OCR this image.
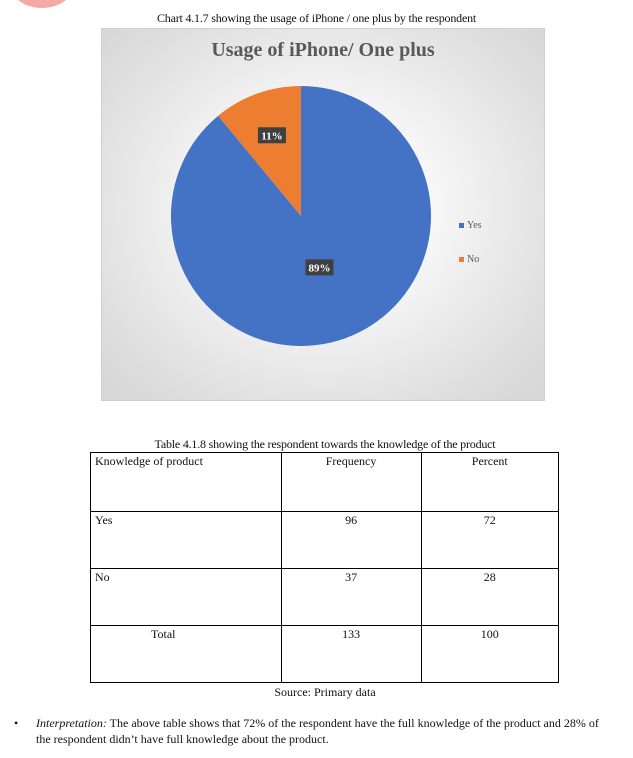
Chart 4.1.7 showing the usage of iPhone / one plus by the respondent
Usage of iPhone/ One plus
89%
11%
Yes
No
Table 4.1.8 showing the respondent towards the knowledge of the product
Knowledge of product	Frequency	Percent
Yes	96	72
No	37	28
Total	133	100
Source: Primary data
•	Interpretation: The above table shows that 72% of the respondent have the full knowledge of the product and 28% of the respondent didn’t have full knowledge about the product.
